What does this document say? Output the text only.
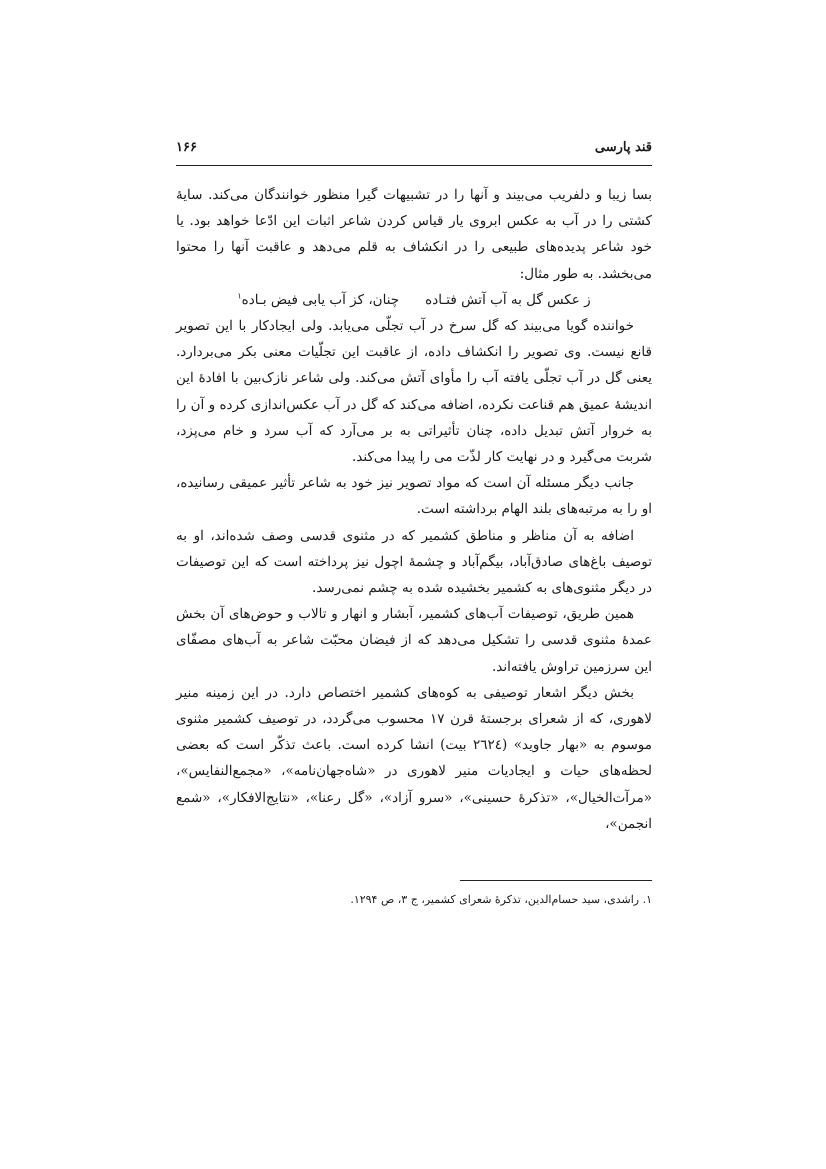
قند پارسی
۱۶۶

بسا زیبا و دلفریب می‌بیند و آنها را در تشبیهات گیرا منظور خوانندگان می‌کند. سایهٔ کشتی را در آب به عکس ابروی یار قیاس کردن شاعر اثبات این ادّعا خواهد بود. یا خود شاعر پدیده‌های طبیعی را در انکشاف به قلم می‌دهد و عاقبت آنها را محتوا می‌بخشد. به طور مثال:

ز عکس گل به آب آتش فتـاده
چنان، کز آب یابی فیض بـاده$^۱$

خواننده گویا می‌بیند که گل سرخ در آب تجلّی می‌یابد. ولی ایجادکار با این تصویر قانع نیست. وی تصویر را انکشاف داده، از عاقبت این تجلّیات معنی بکر می‌بردارد. یعنی گل در آب تجلّی یافته آب را مأوای آتش می‌کند. ولی شاعر نازک‌بین با افادهٔ این اندیشهٔ عمیق هم قناعت نکرده، اضافه می‌کند که گل در آب عکس‌اندازی کرده و آن را به خروار آتش تبدیل داده، چنان تأثیراتی به بر می‌آرد که آب سرد و خام می‌پزد، شربت می‌گیرد و در نهایت کار لذّت می را پیدا می‌کند.

جانب دیگر مسئله آن است که مواد تصویر نیز خود به شاعر تأثیر عمیقی رسانیده، او را به مرتبه‌های بلند الهام برداشته است.

اضافه به آن مناظر و مناطق کشمیر که در مثنوی قدسی وصف شده‌اند، او به توصیف باغ‌های صادق‌آباد، بیگم‌آباد و چشمهٔ اچول نیز پرداخته است که این توصیفات در دیگر مثنوی‌های به کشمیر بخشیده شده به چشم نمی‌رسد.

همین طریق، توصیفات آب‌های کشمیر، آبشار و انهار و تالاب و حوض‌های آن بخش عمدهٔ مثنوی قدسی را تشکیل می‌دهد که از فیضان محبّت شاعر به آب‌های مصفّای این سرزمین تراوش یافته‌اند.

بخش دیگر اشعار توصیفی به کوه‌های کشمیر اختصاص دارد. در این زمینه منیر لاهوری، که از شعرای برجستهٔ قرن ۱۷ محسوب می‌گردد، در توصیف کشمیر مثنوی موسوم به «بهار جاوید» (۲٦۲٤ بیت) انشا کرده است. باعث تذکّر است که بعضی لحظه‌های حیات و ایجادیات منیر لاهوری در «شاه‌جهان‌نامه»، «مجمع‌النفایس»، «مرآت‌الخیال»، «تذکرهٔ حسینی»، «سرو آزاد»، «گل رعنا»، «نتایج‌الافکار»، «شمع انجمن»،

۱. راشدی، سید حسام‌الدین، تذکرهٔ شعرای کشمیر، ج ۳، ص ۱۲۹۴.
